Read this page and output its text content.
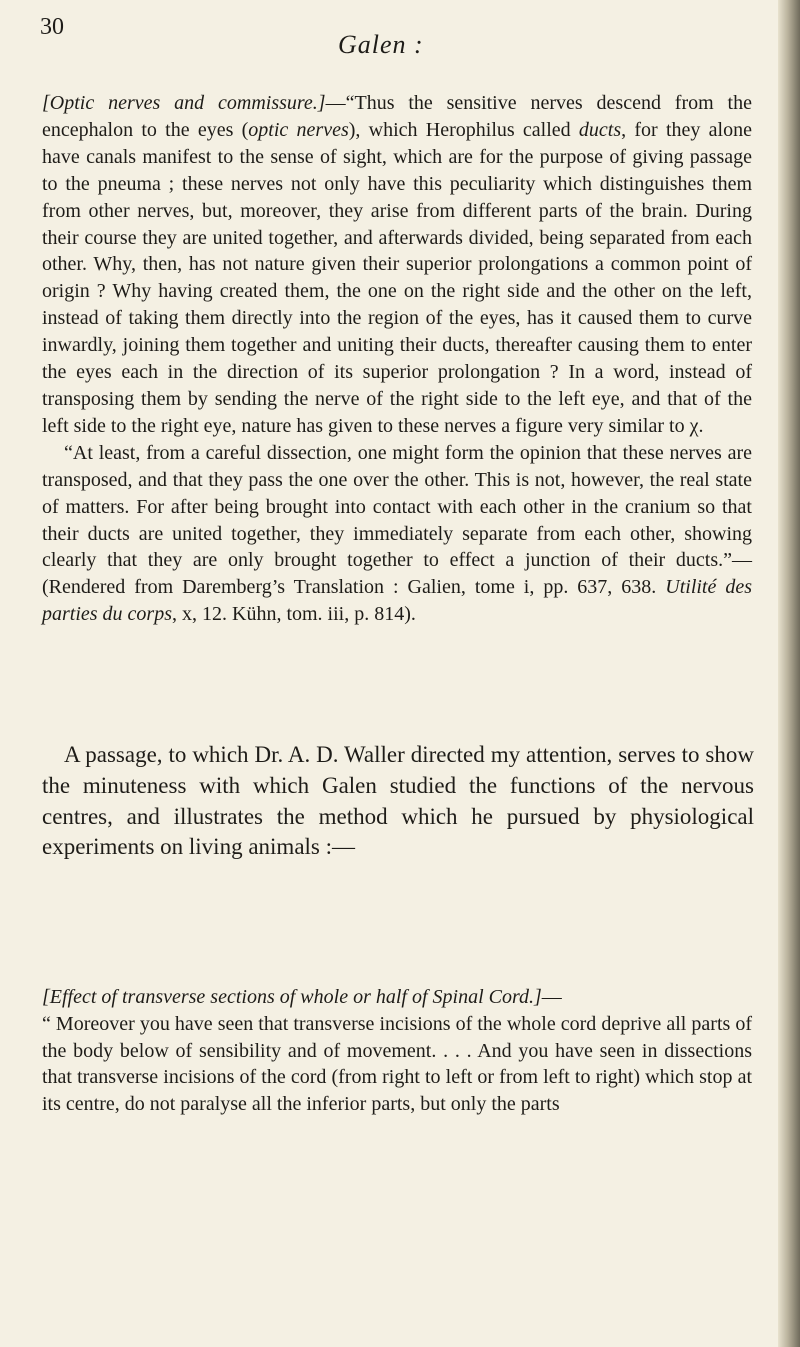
30
Galen :

[Optic nerves and commissure.]—“Thus the sensitive nerves descend from the encephalon to the eyes (optic nerves), which Herophilus called ducts, for they alone have canals manifest to the sense of sight, which are for the purpose of giving passage to the pneuma ; these nerves not only have this peculiarity which distinguishes them from other nerves, but, moreover, they arise from different parts of the brain. During their course they are united together, and afterwards divided, being separated from each other. Why, then, has not nature given their superior prolongations a common point of origin ? Why having created them, the one on the right side and the other on the left, instead of taking them directly into the region of the eyes, has it caused them to curve inwardly, joining them together and uniting their ducts, thereafter causing them to enter the eyes each in the direction of its superior prolongation ? In a word, instead of transposing them by sending the nerve of the right side to the left eye, and that of the left side to the right eye, nature has given to these nerves a figure very similar to χ.

“At least, from a careful dissection, one might form the opinion that these nerves are transposed, and that they pass the one over the other. This is not, however, the real state of matters. For after being brought into contact with each other in the cranium so that their ducts are united together, they immediately separate from each other, showing clearly that they are only brought together to effect a junction of their ducts.”—(Rendered from Daremberg’s Translation : Galien, tome i, pp. 637, 638. Utilité des parties du corps, x, 12. Kühn, tom. iii, p. 814).

A passage, to which Dr. A. D. Waller directed my attention, serves to show the minuteness with which Galen studied the functions of the nervous centres, and illustrates the method which he pursued by physiological experiments on living animals :—

[Effect of transverse sections of whole or half of Spinal Cord.]—
“ Moreover you have seen that transverse incisions of the whole cord deprive all parts of the body below of sensibility and of movement. . . . And you have seen in dissections that transverse incisions of the cord (from right to left or from left to right) which stop at its centre, do not paralyse all the inferior parts, but only the parts
